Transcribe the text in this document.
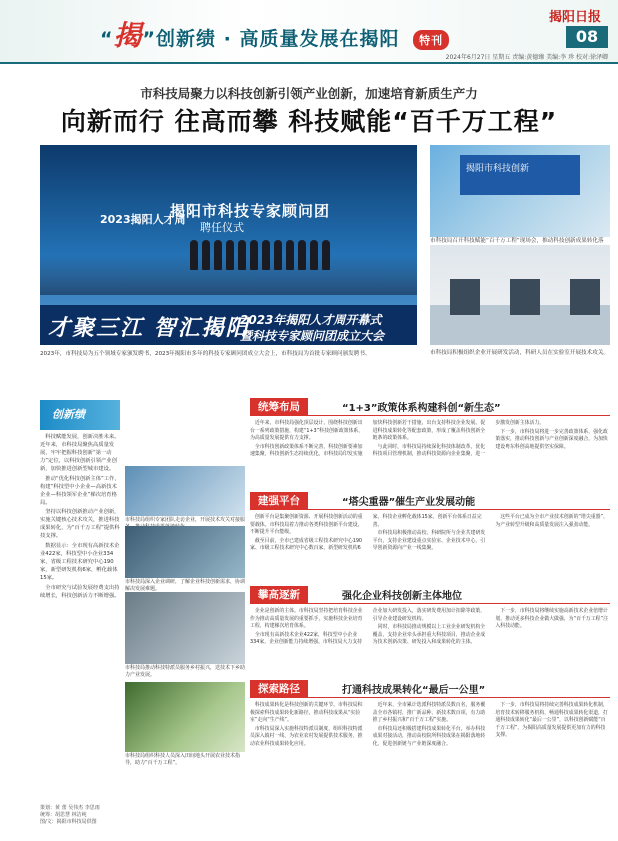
“揭”创新绩 · 高质量发展在揭阳 特刊
揭阳日报
08
2024年6月27日 星期五 责编:黄德臻 美编:李 珍 校对:徐泽卿
市科技局聚力以科技创新引领产业创新，加速培育新质生产力
向新而行 往高而攀 科技赋能“百千万工程”
2023揭阳人才周
揭阳市科技专家顾问团
聘任仪式
才聚三江 智汇揭阳
2023年揭阳人才周开幕式
暨科技专家顾问团成立大会
2023年，市科技局为五个领域专家颁发聘书，2023年揭阳市多年的科技专家顾问团成立大会上，市科技局为首批专家顾问颁发聘书。
揭阳市科技创新
市科技局召开科技赋能“百千万工程”现场会，推动科技创新成果转化落
市科技局积极组织企业开展研发活动，科研人员在实验室开展技术攻关。
创新绩

科技赋能发展，创新决胜未来。近年来，市科技局聚焦高质量发展，牢牢把握科技创新“第一动力”定位，以科技创新引领产业创新，加快推进创新型城市建设。

推动“优化科技创新主体”工作，构建“科技型中小企业—高新技术企业—科技领军企业”梯次培育格局。

坚持以科技创新推动产业创新，实施关键核心技术攻关，推进科技成果转化，为“百千万工程”提供科技支撑。

数据显示：全市现有高新技术企业422家，科技型中小企业334家，省级工程技术研究中心190家，新型研发机构6家，孵化载体15家。

全市研究与试验发展经费支出持续增长，科技创新活力不断增强。

策划：黄 蕾 吴伟杰 李思雨
统筹：胡思慧 林洁纯
图/文：揭阳市科技局供图
市科技局组织专家团队走访企业，开展技术攻关对接服
市科技局深入企业调研，了解企业科技创新需求，协调解决发展难题。
市科技局推动科技特派员服务乡村振兴，送技术下乡助力产业发展。
市科技局组织科技人员深入田间地头开展农业技术指导，助力“百千万工程”。
统筹布局	“1+3”政策体系构建科创“新生态”

近年来，市科技局强化顶层设计，围绕科技创新出台一系列政策措施，构建“1+3”科技创新政策体系，为高质量发展提供有力支撑。

全市科技创新政策体系不断完善，科技创新要素加速集聚，科技创新生态持续优化。市科技局印发实施加快科技创新若干措施，出台支持科技企业发展、促进科技成果转化等配套政策，形成了覆盖科技创新全链条的政策体系。

与此同时，市科技局持续深化科技体制改革，优化科技项目管理机制，推动科技资源向企业集聚，进一步激发创新主体活力。

下一步，市科技局将进一步完善政策体系，强化政策落实，推动科技创新与产业创新深度融合，为加快建设粤东科创高地提供坚实保障。

建强平台	“塔尖重器”催生产业发展动能

创新平台是集聚创新资源、开展科技创新活动的重要载体。市科技局着力推动各类科技创新平台建设，不断提升平台能级。

截至目前，全市已建成省级工程技术研究中心190家、市级工程技术研究中心数百家，新型研发机构6家，科技企业孵化载体15家，创新平台体系日益完善。

市科技局积极推动高校、科研院所与企业共建研发平台，支持企业建设重点实验室、企业技术中心，引导创新资源向产业一线集聚。

这些平台已成为全市产业技术创新的“塔尖重器”，为产业转型升级和高质量发展注入强劲动能。

攀高逐新	强化企业科技创新主体地位

企业是创新的主体。市科技局坚持把培育科技企业作为推动高质量发展的重要抓手，实施科技企业培育工程，构建梯次培育体系。

全市现有高新技术企业422家，科技型中小企业334家，企业创新能力持续增强。市科技局大力支持企业加大研发投入，落实研发费用加计扣除等政策，引导企业建设研发机构。

同时，市科技局推动规模以上工业企业研发机构全覆盖，支持企业牵头承担重大科技项目，推动企业成为技术创新决策、研发投入和成果转化的主体。

下一步，市科技局将继续实施高新技术企业倍增计划，推动更多科技企业做大做强，为“百千万工程”注入科技动能。

探索路径	打通科技成果转化“最后一公里”

科技成果转化是科技创新的关键环节。市科技局积极探索科技成果转化新路径，推动科技成果从“实验室”走向“生产线”。

市科技局深入实施科技特派员制度，组织科技特派员深入镇村一线，为农业农村发展提供技术服务，推动农业科技成果转化应用。

近年来，全市累计选派科技特派员数百名，服务覆盖全市各镇村，推广新品种、新技术数百项，有力助推了乡村振兴和“百千万工程”实施。

市科技局还积极搭建科技成果转化平台，举办科技成果对接活动，推动高校院所科技成果在揭阳落地转化，促进创新链与产业链深度融合。

下一步，市科技局将持续完善科技成果转化机制，培育技术转移服务机构，畅通科技成果转化渠道，打通科技成果转化“最后一公里”，以科技创新赋能“百千万工程”，为揭阳高质量发展提供更加有力的科技支撑。
